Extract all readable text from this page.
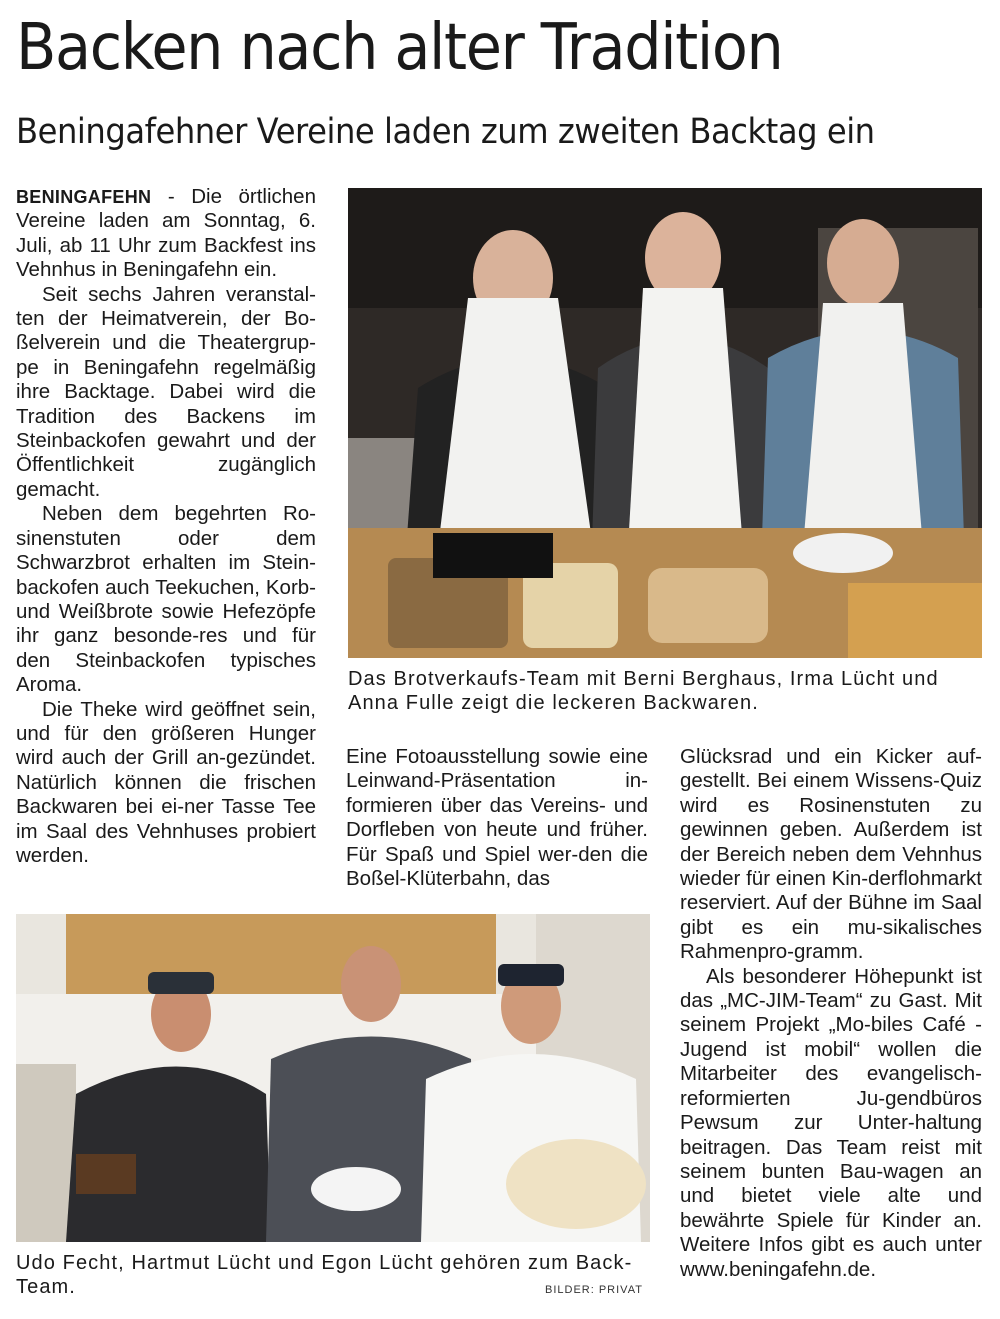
Backen nach alter Tradition
Beningafehner Vereine laden zum zweiten Backtag ein

BENINGAFEHN - Die örtlichen Vereine laden am Sonntag, 6. Juli, ab 11 Uhr zum Backfest ins Vehnhus in Beningafehn ein.

Seit sechs Jahren veranstal-​ten der Heimatverein, der Bo-​ßelverein und die Theatergrup-​pe in Beningafehn regelmäßig ihre Backtage. Dabei wird die Tradition des Backens im Steinbackofen gewahrt und der Öffentlichkeit zugänglich gemacht.

Neben dem begehrten Ro-​sinenstuten oder dem Schwarzbrot erhalten im Stein-​backofen auch Teekuchen, Korb- und Weißbrote sowie Hefezöpfe ihr ganz besonde-​res und für den Steinbackofen typisches Aroma.

Die Theke wird geöffnet sein, und für den größeren Hunger wird auch der Grill an-​gezündet. Natürlich können die frischen Backwaren bei ei-​ner Tasse Tee im Saal des Vehnhuses probiert werden.

Das Brotverkaufs-Team mit Berni Berghaus, Irma Lücht und Anna Fulle zeigt die leckeren Backwaren.

Eine Fotoausstellung sowie eine Leinwand-Präsentation in-​formieren über das Vereins- und Dorfleben von heute und früher. Für Spaß und Spiel wer-​den die Boßel-Klüterbahn, das

Glücksrad und ein Kicker auf-​gestellt. Bei einem Wissens-Quiz wird es Rosinenstuten zu gewinnen geben. Außerdem ist der Bereich neben dem Vehnhus wieder für einen Kin-​derflohmarkt reserviert. Auf der Bühne im Saal gibt es ein mu-​sikalisches Rahmenpro-​gramm.

Als besonderer Höhepunkt ist das „MC-JIM-Team“ zu Gast. Mit seinem Projekt „Mo-​biles Café - Jugend ist mobil“ wollen die Mitarbeiter des evangelisch-​reformierten Ju-​gendbüros Pewsum zur Unter-​haltung beitragen. Das Team reist mit seinem bunten Bau-​wagen an und bietet viele alte und bewährte Spiele für Kinder an. Weitere Infos gibt es auch unter www.beningafehn.de.

Udo Fecht, Hartmut Lücht und Egon Lücht gehören zum Back-Team.	BILDER: PRIVAT
